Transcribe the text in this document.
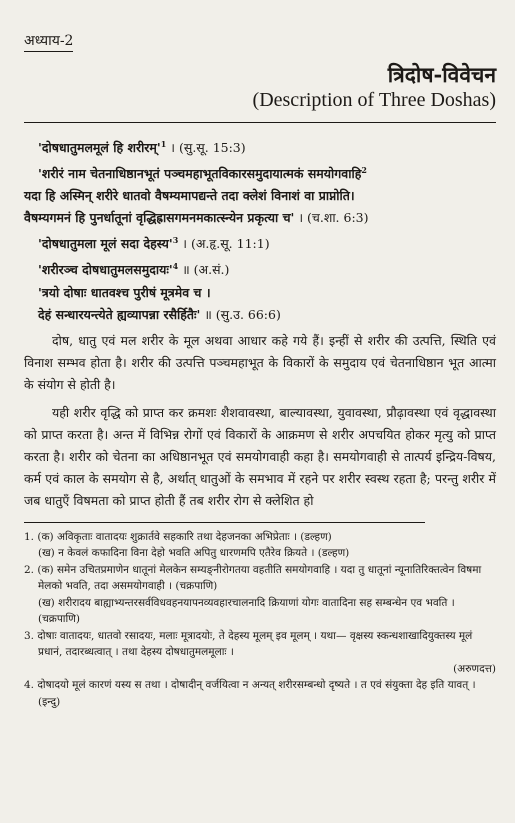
अध्याय-2
त्रिदोष-विवेचन
(Description of Three Doshas)
'दोषधातुमलमूलं हि $शरीरम्'^1$ । (सु.सू. 15:3)
'शरीरं नाम चेतनाधिष्ठानभूतं पञ्चमहाभूतविकारसमुदायात्मकं समयोगवाहि$^2$
यदा हि अस्मिन् शरीरे धातवो वैषम्यमापद्यन्ते तदा क्लेशं विनाशं वा प्राप्नोति।
वैषम्यगमनं हि पुनर्धातूनां वृद्धिह्रासगमनमकात्स्न्येन प्रकृत्या च' । (च.शा. 6:3)
'दोषधातुमला मूलं सदा $देहस्य'^3$ । (अ.हृ.सू. 11:1)
'शरीरञ्च $दोषधातुमलसमुदायः'^4$ ॥ (अ.सं.)
'त्रयो दोषाः धातवश्च पुरीषं मूत्रमेव च ।
देहं सन्धारयन्त्येते ह्यव्यापन्ना रसैर्हितैः' ॥ (सु.उ. 66:6)

दोष, धातु एवं मल शरीर के मूल अथवा आधार कहे गये हैं। इन्हीं से शरीर की उत्पत्ति, स्थिति एवं विनाश सम्भव होता है। शरीर की उत्पत्ति पञ्चमहाभूत के विकारों के समुदाय एवं चेतनाधिष्ठान भूत आत्मा के संयोग से होती है।

यही शरीर वृद्धि को प्राप्त कर क्रमशः शैशवावस्था, बाल्यावस्था, युवावस्था, प्रौढ़ावस्था एवं वृद्धावस्था को प्राप्त करता है। अन्त में विभिन्न रोगों एवं विकारों के आक्रमण से शरीर अपचयित होकर मृत्यु को प्राप्त करता है। शरीर को चेतना का अधिष्ठानभूत एवं समयोगवाही कहा है। समयोगवाही से तात्पर्य इन्द्रिय-विषय, कर्म एवं काल के समयोग से है, अर्थात् धातुओं के समभाव में रहने पर शरीर स्वस्थ रहता है; परन्तु शरीर में जब धातुएँ विषमता को प्राप्त होती हैं तब शरीर रोग से क्लेशित हो

1. (क) अविकृताः वातादयः शुक्रार्तवे सहकारि तथा देहजनका अभिप्रेताः । (डल्हण)
(ख) न केवलं कफादिना विना देहो भवति अपितु धारणमपि एतैरेव क्रियते । (डल्हण)
2. (क) समेन उचितप्रमाणेन धातूनां मेलकेन सम्यङ्नीरोगतया वहतीति समयोगवाहि । यदा तु धातूनां न्यूनातिरिक्तत्वेन विषमा मेलको भवति, तदा असमयोगवाही । (चक्रपाणि)
(ख) शरीरादय बाह्याभ्यन्तरसर्वविधवहनयापनव्यवहारचालनादि क्रियाणां योगः वातादिना सह सम्बन्धेन एव भवति । (चक्रपाणि)
3. दोषाः वातादयः, धातवो रसादयः, मलाः मूत्रादयोः, ते देहस्य मूलम् इव मूलम् । यथा— वृक्षस्य स्कन्धशाखादियुक्तस्य मूलं प्रधानं, तदारब्धत्वात् । तथा देहस्य दोषधातुमलमूलाः ।
(अरुणदत्त)
4. दोषादयो मूलं कारणं यस्य स तथा । दोषादीन् वर्जयित्वा न अन्यत् शरीरसम्बन्धो दृष्यते । त एवं संयुक्ता देह इति यावत् । (इन्दु)
